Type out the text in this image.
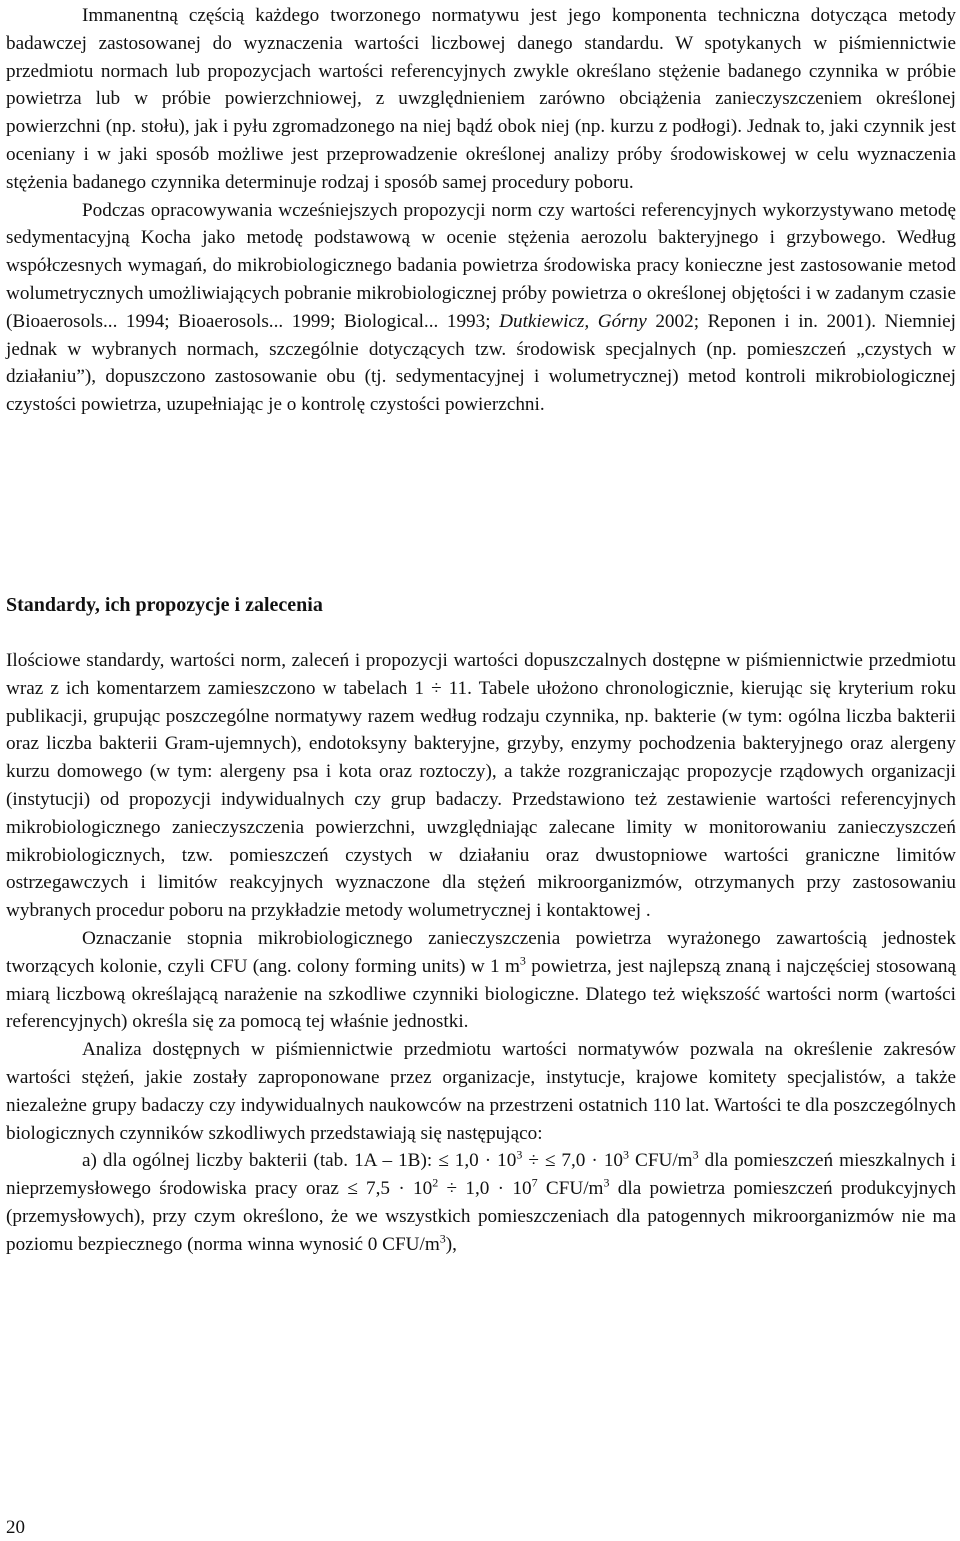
Immanentną częścią każdego tworzonego normatywu jest jego komponenta techniczna dotycząca metody badawczej zastosowanej do wyznaczenia wartości liczbowej danego standardu. W spotykanych w piśmiennictwie przedmiotu normach lub propozycjach wartości referencyjnych zwykle określano stężenie badanego czynnika w próbie powietrza lub w próbie powierzchniowej, z uwzględnieniem zarówno obciążenia zanieczyszczeniem określonej powierzchni (np. stołu), jak i pyłu zgromadzonego na niej bądź obok niej (np. kurzu z podłogi). Jednak to, jaki czynnik jest oceniany i w jaki sposób możliwe jest przeprowadzenie określonej analizy próby środowiskowej w celu wyznaczenia stężenia badanego czynnika determinuje rodzaj i sposób samej procedury poboru.

Podczas opracowywania wcześniejszych propozycji norm czy wartości referencyjnych wykorzystywano metodę sedymentacyjną Kocha jako metodę podstawową w ocenie stężenia aerozolu bakteryjnego i grzybowego. Według współczesnych wymagań, do mikrobiologicznego badania powietrza środowiska pracy konieczne jest zastosowanie metod wolumetrycznych umożliwiających pobranie mikrobiologicznej próby powietrza o określonej objętości i w zadanym czasie (Bioaerosols... 1994; Bioaerosols... 1999; Biological... 1993; Dutkiewicz, Górny 2002; Reponen i in. 2001). Niemniej jednak w wybranych normach, szczególnie dotyczących tzw. środowisk specjalnych (np. pomieszczeń „czystych w działaniu”), dopuszczono zastosowanie obu (tj. sedymentacyjnej i wolumetrycznej) metod kontroli mikrobiologicznej czystości powietrza, uzupełniając je o kontrolę czystości powierzchni.

Standardy, ich propozycje i zalecenia

Ilościowe standardy, wartości norm, zaleceń i propozycji wartości dopuszczalnych dostępne w piśmiennictwie przedmiotu wraz z ich komentarzem zamieszczono w tabelach 1 ÷ 11. Tabele ułożono chronologicznie, kierując się kryterium roku publikacji, grupując poszczególne normatywy razem według rodzaju czynnika, np. bakterie (w tym: ogólna liczba bakterii oraz liczba bakterii Gram-ujemnych), endotoksyny bakteryjne, grzyby, enzymy pochodzenia bakteryjnego oraz alergeny kurzu domowego (w tym: alergeny psa i kota oraz roztoczy), a także rozgraniczając propozycje rządowych organizacji (instytucji) od propozycji indywidualnych czy grup badaczy. Przedstawiono też zestawienie wartości referencyjnych mikrobiologicznego zanieczyszczenia powierzchni, uwzględniając zalecane limity w monitorowaniu zanieczyszczeń mikrobiologicznych, tzw. pomieszczeń czystych w działaniu oraz dwustopniowe wartości graniczne limitów ostrzegawczych i limitów reakcyjnych wyznaczone dla stężeń mikroorganizmów, otrzymanych przy zastosowaniu wybranych procedur poboru na przykładzie metody wolumetrycznej i kontaktowej .

Oznaczanie stopnia mikrobiologicznego zanieczyszczenia powietrza wyrażonego zawartością jednostek tworzących kolonie, czyli CFU (ang. colony forming units) w 1 $m^3$ powietrza, jest najlepszą znaną i najczęściej stosowaną miarą liczbową określającą narażenie na szkodliwe czynniki biologiczne. Dlatego też większość wartości norm (wartości referencyjnych) określa się za pomocą tej właśnie jednostki.

Analiza dostępnych w piśmiennictwie przedmiotu wartości normatywów pozwala na określenie zakresów wartości stężeń, jakie zostały zaproponowane przez organizacje, instytucje, krajowe komitety specjalistów, a także niezależne grupy badaczy czy indywidualnych naukowców na przestrzeni ostatnich 110 lat. Wartości te dla poszczególnych biologicznych czynników szkodliwych przedstawiają się następująco:

a) dla ogólnej liczby bakterii (tab. 1A – 1B): ≤ $1,0 \cdot 10^3$ ÷ ≤ $7,0 \cdot 10^3$ CFU/$m^3$ dla pomieszczeń mieszkalnych i nieprzemysłowego środowiska pracy oraz ≤ $7,5 \cdot 10^2 \div 1,0 \cdot 10^7$ CFU/$m^3$ dla powietrza pomieszczeń produkcyjnych (przemysłowych), przy czym określono, że we wszystkich pomieszczeniach dla patogennych mikroorganizmów nie ma poziomu bezpiecznego (norma winna wynosić 0 CFU/$m^3$),

20
